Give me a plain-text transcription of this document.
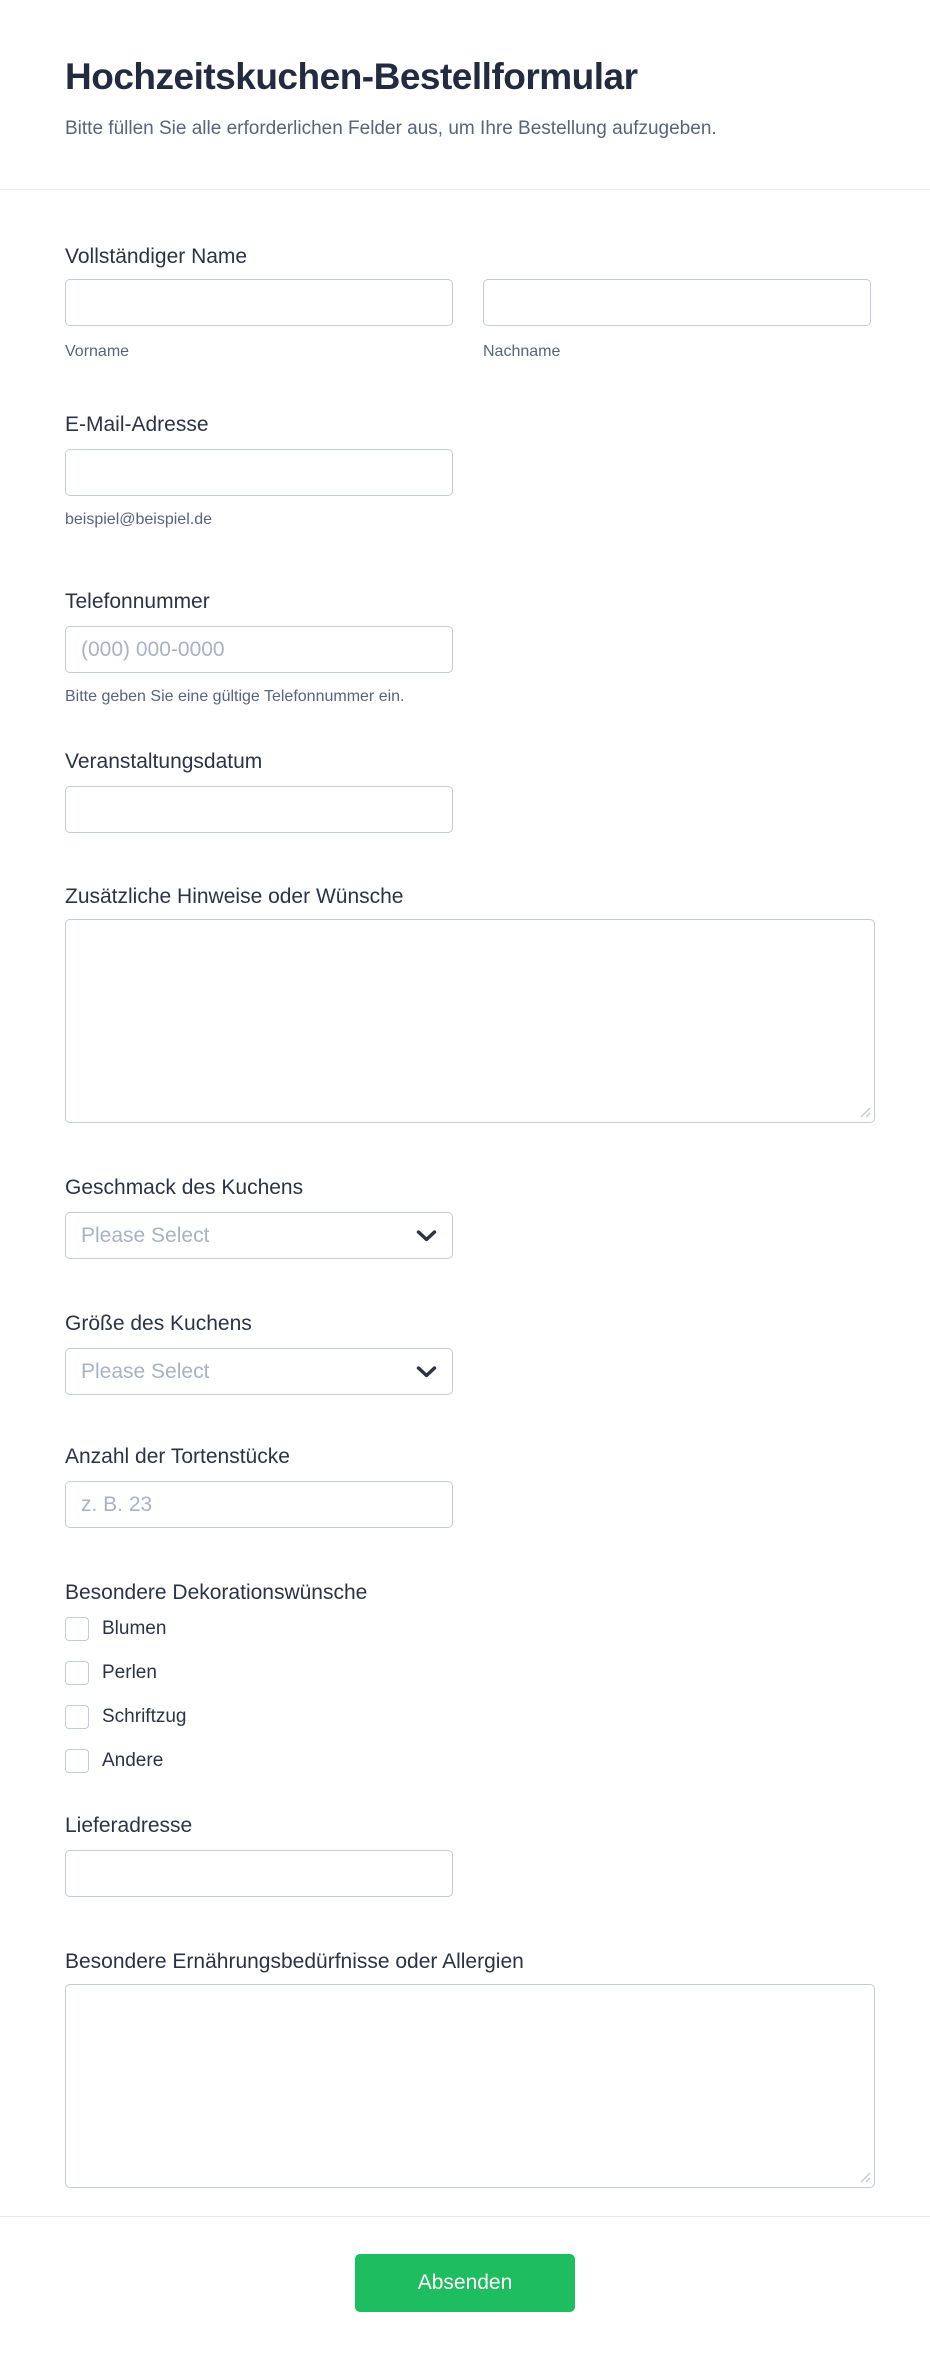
Hochzeitskuchen-Bestellformular

Bitte füllen Sie alle erforderlichen Felder aus, um Ihre Bestellung aufzugeben.

Vollständiger Name
Vorname	Nachname
E-Mail-Adresse
beispiel@beispiel.de
Telefonnummer
(000) 000-0000
Bitte geben Sie eine gültige Telefonnummer ein.
Veranstaltungsdatum
Zusätzliche Hinweise oder Wünsche
Geschmack des Kuchens
Please Select
Größe des Kuchens
Please Select
Anzahl der Tortenstücke
z. B. 23
Besondere Dekorationswünsche
Blumen
Perlen
Schriftzug
Andere
Lieferadresse
Besondere Ernährungsbedürfnisse oder Allergien
Absenden
